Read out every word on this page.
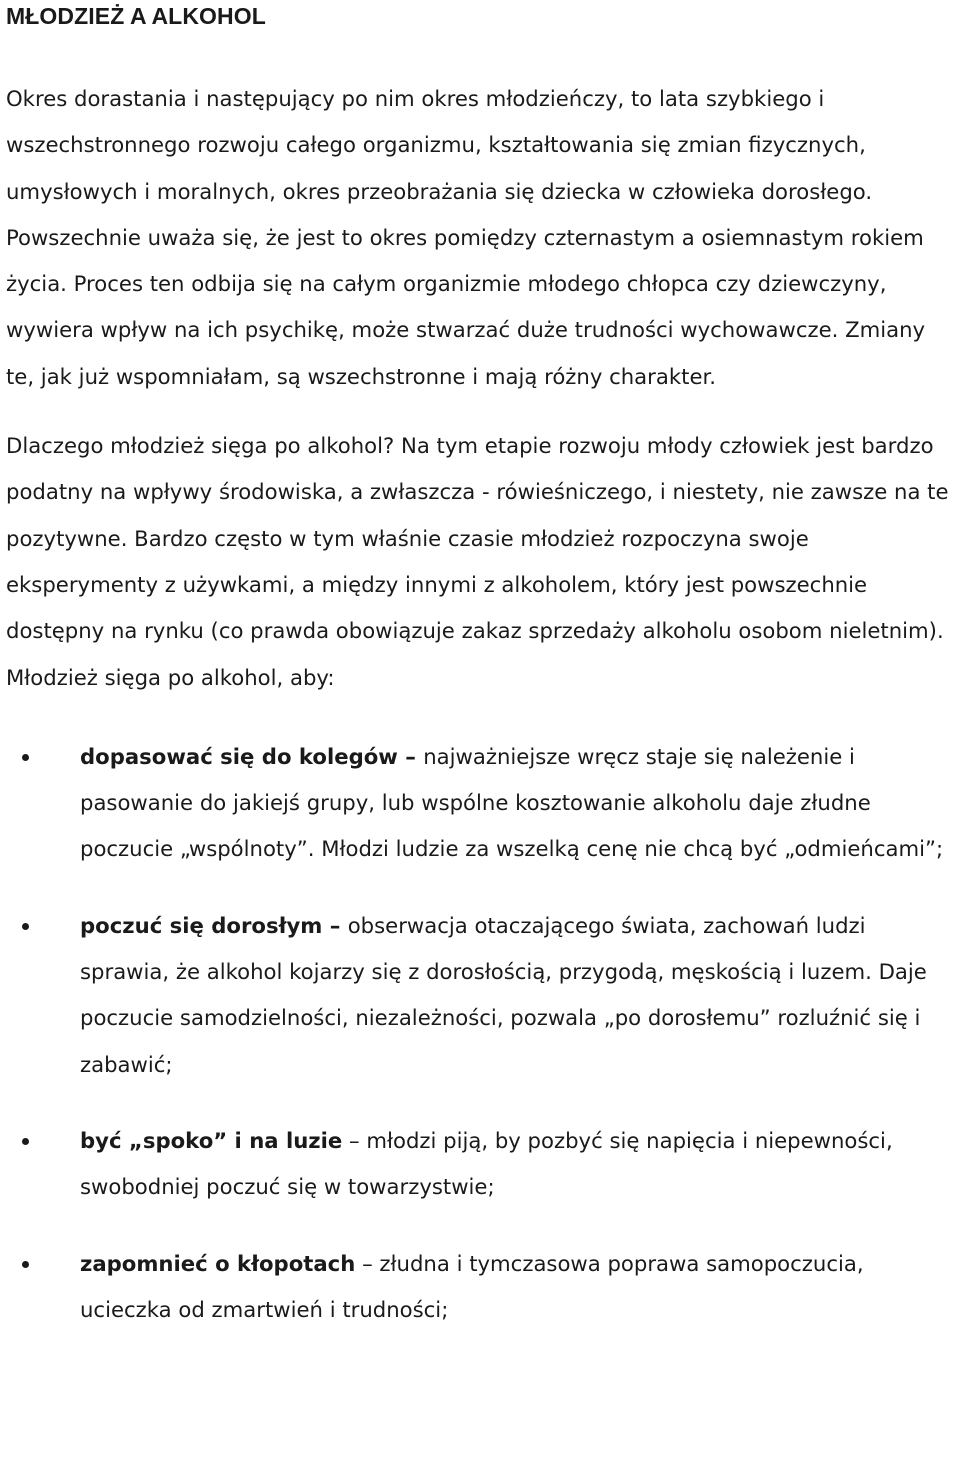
MŁODZIEŻ A ALKOHOL

Okres dorastania i następujący po nim okres młodzieńczy, to lata szybkiego i wszechstronnego rozwoju całego organizmu, kształtowania się zmian fizycznych, umysłowych i moralnych, okres przeobrażania się dziecka w człowieka dorosłego. Powszechnie uważa się, że jest to okres pomiędzy czternastym a osiemnastym rokiem życia. Proces ten odbija się na całym organizmie młodego chłopca czy dziewczyny, wywiera wpływ na ich psychikę, może stwarzać duże trudności wychowawcze. Zmiany te, jak już wspomniałam, są wszechstronne i mają różny charakter.

Dlaczego młodzież sięga po alkohol? Na tym etapie rozwoju młody człowiek jest bardzo podatny na wpływy środowiska, a zwłaszcza - rówieśniczego, i niestety, nie zawsze na te pozytywne. Bardzo często w tym właśnie czasie młodzież rozpoczyna swoje eksperymenty z używkami, a między innymi z alkoholem, który jest powszechnie dostępny na rynku (co prawda obowiązuje zakaz sprzedaży alkoholu osobom nieletnim). Młodzież sięga po alkohol, aby:

dopasować się do kolegów – najważniejsze wręcz staje się należenie i pasowanie do jakiejś grupy, lub wspólne kosztowanie alkoholu daje złudne poczucie „wspólnoty”. Młodzi ludzie za wszelką cenę nie chcą być „odmieńcami”;
poczuć się dorosłym – obserwacja otaczającego świata, zachowań ludzi sprawia, że alkohol kojarzy się z dorosłością, przygodą, męskością i luzem. Daje poczucie samodzielności, niezależności, pozwala „po dorosłemu” rozluźnić się i zabawić;
być „spoko” i na luzie – młodzi piją, by pozbyć się napięcia i niepewności, swobodniej poczuć się w towarzystwie;
zapomnieć o kłopotach – złudna i tymczasowa poprawa samopoczucia, ucieczka od zmartwień i trudności;
